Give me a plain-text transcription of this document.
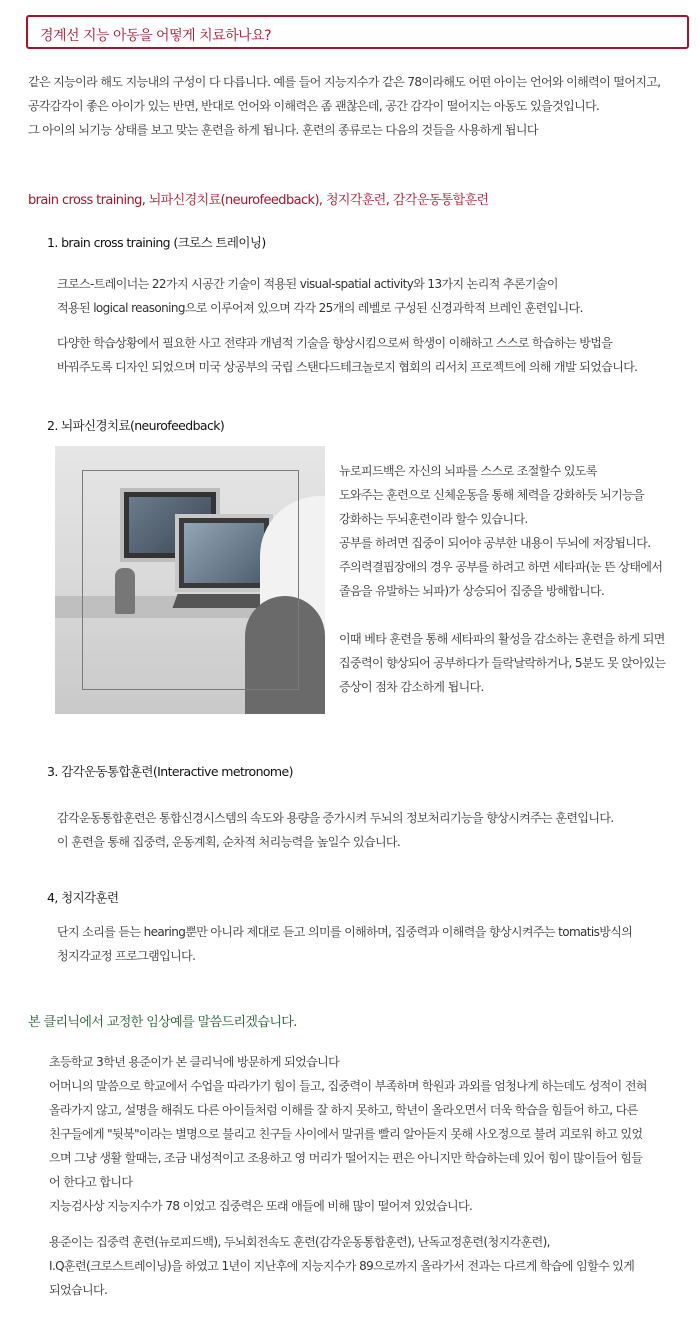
경계선 지능 아동을 어떻게 치료하나요?
같은 지능이라 해도 지능내의 구성이 다 다릅니다. 예를 들어 지능지수가 같은 78이라해도 어떤 아이는 언어와 이해력이 떨어지고,
공각감각이 좋은 아이가 있는 반면, 반대로 언어와 이해력은 좀 괜찮은데, 공간 감각이 떨어지는 아동도 있을것입니다.
그 아이의 뇌기능 상태를 보고 맞는 훈련을 하게 됩니다. 훈련의 종류로는 다음의 것들을 사용하게 됩니다
brain cross training, 뇌파신경치료(neurofeedback), 청지각훈련, 감각운동통합훈련
1. brain cross training (크로스 트레이닝)
크로스-트레이너는 22가지 시공간 기술이 적용된 visual-spatial activity와 13가지 논리적 추론기술이
적용된 logical reasoning으로 이루어져 있으며 각각 25개의 레벨로 구성된 신경과학적 브레인 훈련입니다.
다양한 학습상황에서 필요한 사고 전략과 개념적 기술을 향상시킴으로써 학생이 이해하고 스스로 학습하는 방법을
바꿔주도록 디자인 되었으며 미국 상공부의 국립 스탠다드테크놀로지 협회의 리서치 프로젝트에 의해 개발 되었습니다.
2. 뇌파신경치료(neurofeedback)
뉴로피드백은 자신의 뇌파를 스스로 조절할수 있도록
도와주는 훈련으로 신체운동을 통해 체력을 강화하듯 뇌기능을
강화하는 두뇌훈련이라 할수 있습니다.
공부를 하려면 집중이 되어야 공부한 내용이 두뇌에 저장됩니다.
주의력결핍장애의 경우 공부를 하려고 하면 세타파(눈 뜬 상태에서
졸음을 유발하는 뇌파)가 상승되어 집중을 방해합니다.
이때 베타 훈련을 통해 세타파의 활성을 감소하는 훈련을 하게 되면
집중력이 향상되어 공부하다가 들락날락하거나, 5분도 못 앉아있는
증상이 점차 감소하게 됩니다.
3. 감각운동통합훈련(Interactive metronome)
감각운동통합훈련은 통합신경시스템의 속도와 용량을 증가시켜 두뇌의 정보처리기능을 향상시켜주는 훈련입니다.
이 훈련을 통해 집중력, 운동계획, 순차적 처리능력을 높일수 있습니다.
4, 청지각훈련
단지 소리를 듣는 hearing뿐만 아니라 제대로 듣고 의미를 이해하며, 집중력과 이해력을 향상시켜주는 tomatis방식의
청지각교정 프로그램입니다.
본 클리닉에서 교정한 임상예를 말씀드리겠습니다.
초등학교 3학년 용준이가 본 클리닉에 방문하게 되었습니다
어머니의 말씀으로 학교에서 수업을 따라가기 힘이 들고, 집중력이 부족하며 학원과 과외를 엄청나게 하는데도 성적이 전혀
올라가지 않고, 설명을 해줘도 다른 아이들처럼 이해를 잘 하지 못하고, 학년이 올라오면서 더욱 학습을 힘들어 하고, 다른
친구들에게 "뒷북"이라는 별명으로 불리고 친구들 사이에서 말귀를 빨리 알아듣지 못해 사오정으로 불려 괴로워 하고 있었
으며 그냥 생활 할때는, 조금 내성적이고 조용하고 영 머리가 떨어지는 편은 아니지만 학습하는데 있어 힘이 많이들어 힘들
어 한다고 합니다
지능검사상 지능지수가 78 이었고 집중력은 또래 애들에 비해 많이 떨어져 있었습니다.
용준이는 집중력 훈련(뉴로피드백), 두뇌회전속도 훈련(감각운동통합훈련), 난독교정훈련(청지각훈련),
I.Q훈련(크로스트레이닝)을 하였고 1년이 지난후에 지능지수가 89으로까지 올라가서 전과는 다르게 학습에 임할수 있게
되었습니다.
